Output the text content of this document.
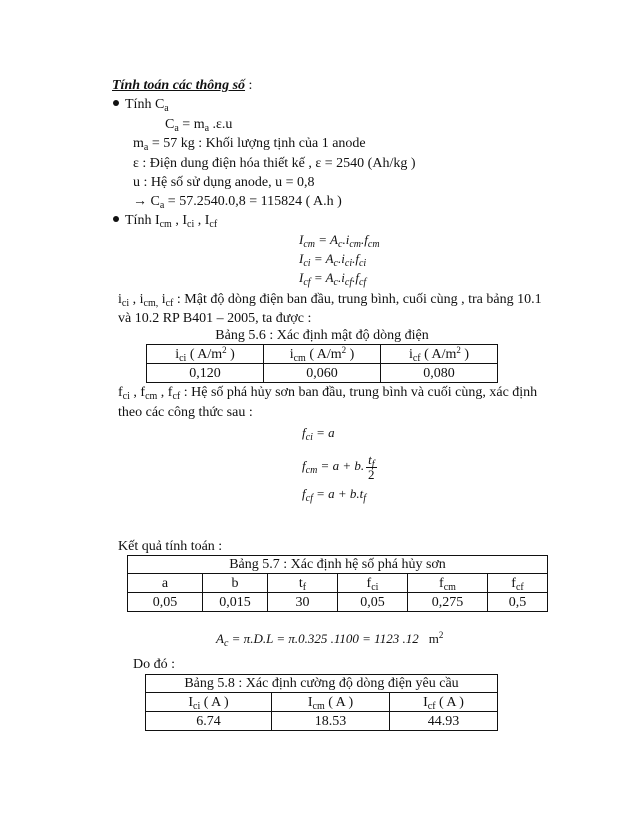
Tính toán các thông số :
Tính $C_a$
$C_a = m_a$ .ε.u
$m_a = 57$ kg : Khối lượng tịnh của 1 anode
ε : Điện dung điện hóa thiết kế , ε = 2540 (Ah/kg )
u : Hệ số sử dụng anode, u = 0,8
→ $C_a = 57.2540.0,8 = 115824$ ( A.h )
Tính $I_{cm}$ , $I_{ci}$ , $I_{cf}$
$I_{cm} = A_c.i_{cm}.f_{cm}$
$I_{ci} = A_c.i_{ci}.f_{ci}$
$I_{cf} = A_c.i_{cf}.f_{cf}$
$i_{ci}$ , $i_{cm,}$ $i_{cf}$ : Mật độ dòng điện ban đầu, trung bình, cuối cùng , tra bảng 10.1
và 10.2 RP B401 – 2005, ta được :
Bảng 5.6 : Xác định mật độ dòng điện		
$i_{ci}$ ( $A/m^2$ )	$i_{cm}$ ( $A/m^2$ )	$i_{cf}$ ( $A/m^2$ )
0,120	0,060	0,080
$f_{ci}$ , $f_{cm}$ , $f_{cf}$ : Hệ số phá hủy sơn ban đầu, trung bình và cuối cùng, xác định
theo các công thức sau :
$f_{ci} = a$
$f_{cm} = a + b$. $\frac{t_f}{2}$
$f_{cf} = a + b.t_f$
Kết quả tính toán :
Bảng 5.7 : Xác định hệ số phá hủy sơn					
a	b	$t_f$	$f_{ci}$	$f_{cm}$	$f_{cf}$
0,05	0,015	30	0,05	0,275	0,5
$A_c = \pi.D.L = \pi.0.325$ .1100 = 1123 .12 $m^2$
Do đó :
Bảng 5.8 : Xác định cường độ dòng điện yêu cầu		
$I_{ci}$ ( A )	$I_{cm}$ ( A )	$I_{cf}$ ( A )
6.74	18.53	44.93
